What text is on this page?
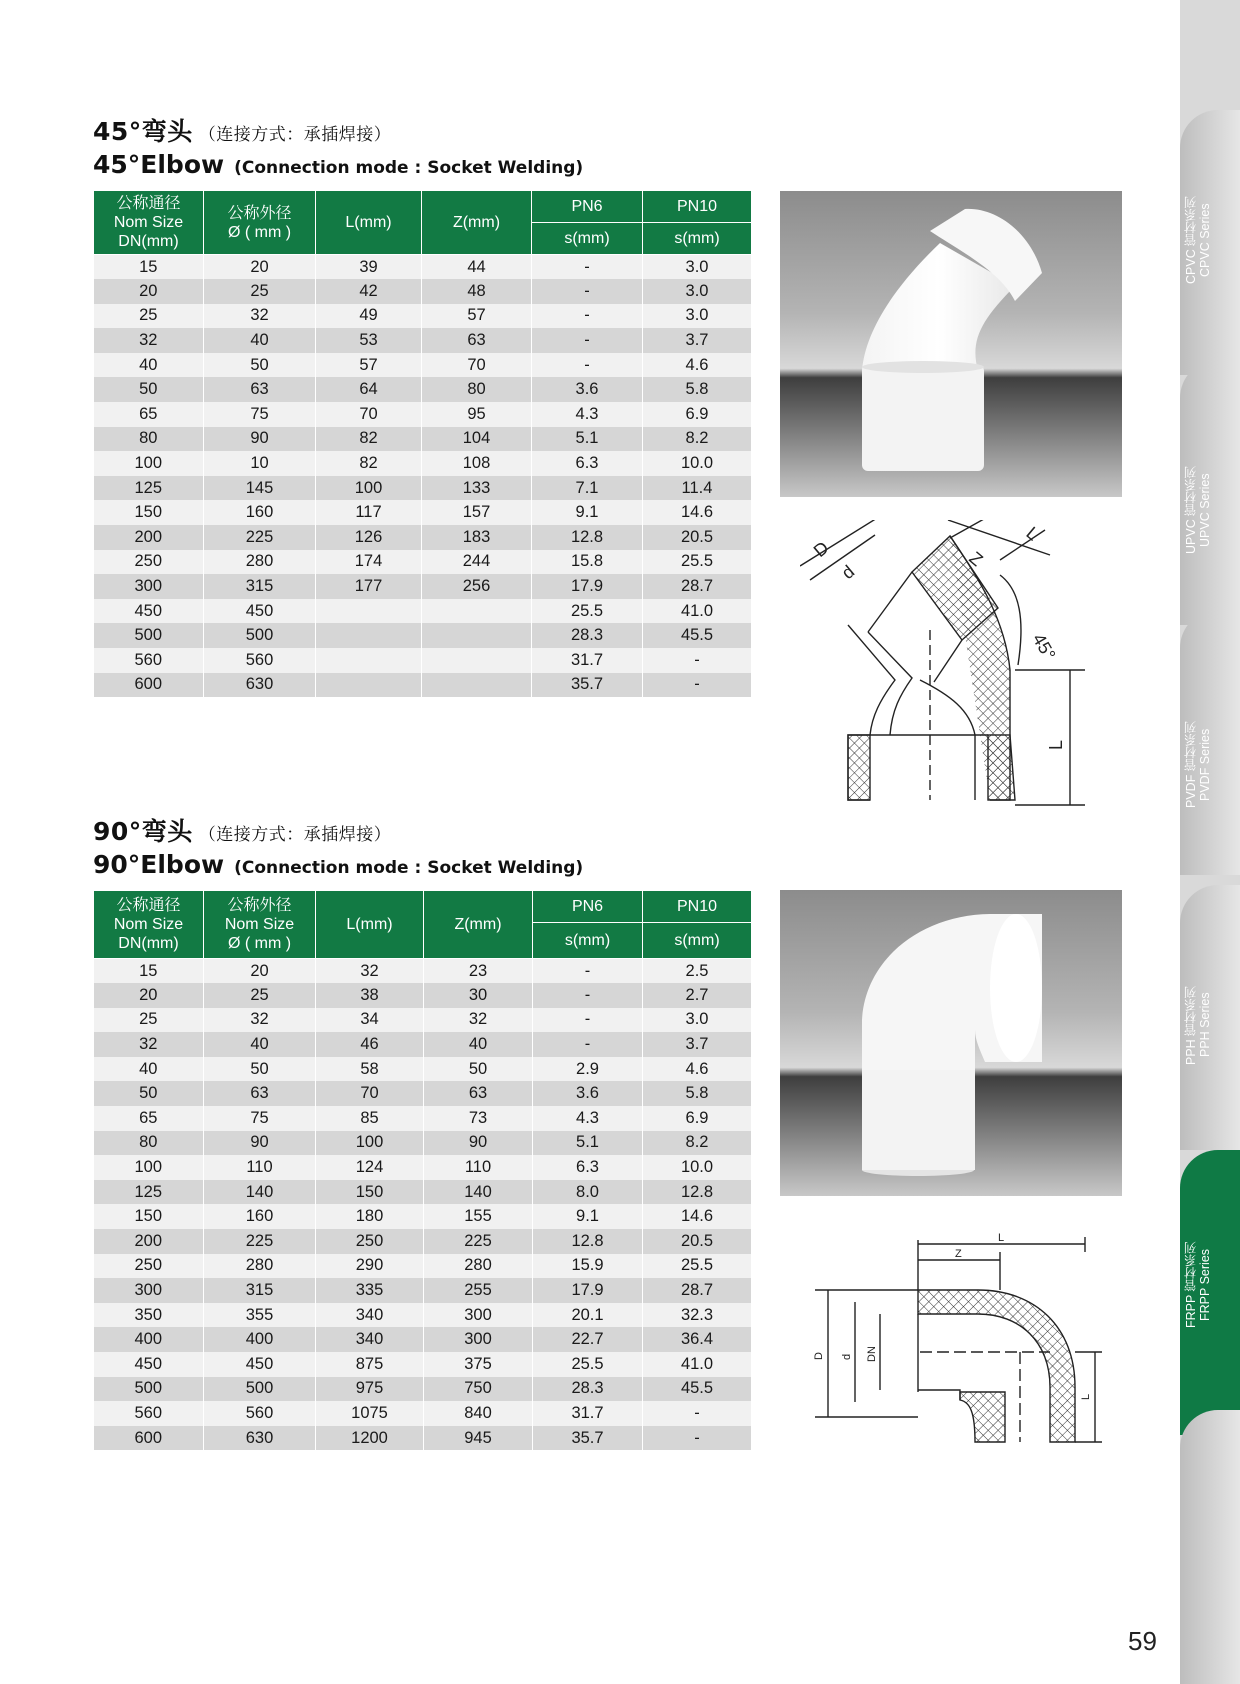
45°弯头 （连接方式：承插焊接）
45°Elbow (Connection mode : Socket Welding)
公称通径
Nom Size
DN(mm)	公称外径
Ø ( mm )	L(mm)	Z(mm)	PN6	PN10
				s(mm)	s(mm)
15	20	39	44	-	3.0
20	25	42	48	-	3.0
25	32	49	57	-	3.0
32	40	53	63	-	3.7
40	50	57	70	-	4.6
50	63	64	80	3.6	5.8
65	75	70	95	4.3	6.9
80	90	82	104	5.1	8.2
100	10	82	108	6.3	10.0
125	145	100	133	7.1	11.4
150	160	117	157	9.1	14.6
200	225	126	183	12.8	20.5
250	280	174	244	15.8	25.5
300	315	177	256	17.9	28.7
450	450			25.5	41.0
500	500			28.3	45.5
560	560			31.7	-
600	630			35.7	-
D
d
Z
L
45°
L
90°弯头 （连接方式：承插焊接）
90°Elbow (Connection mode : Socket Welding)
公称通径
Nom Size
DN(mm)	公称外径
Nom Size
Ø ( mm )	L(mm)	Z(mm)	PN6	PN10
				s(mm)	s(mm)
15	20	32	23	-	2.5
20	25	38	30	-	2.7
25	32	34	32	-	3.0
32	40	46	40	-	3.7
40	50	58	50	2.9	4.6
50	63	70	63	3.6	5.8
65	75	85	73	4.3	6.9
80	90	100	90	5.1	8.2
100	110	124	110	6.3	10.0
125	140	150	140	8.0	12.8
150	160	180	155	9.1	14.6
200	225	250	225	12.8	20.5
250	280	290	280	15.9	25.5
300	315	335	255	17.9	28.7
350	355	340	300	20.1	32.3
400	400	340	300	22.7	36.4
450	450	875	375	25.5	41.0
500	500	975	750	28.3	45.5
560	560	1075	840	31.7	-
600	630	1200	945	35.7	-
L
Z
D d DN
L
CPVC 管材系列
CPVC Series
UPVC 管材系列
UPVC Series
PVDF 管材系列
PVDF Series
PPH 管材系列
PPH Series
FRPP 管材系列
FRPP Series
59
